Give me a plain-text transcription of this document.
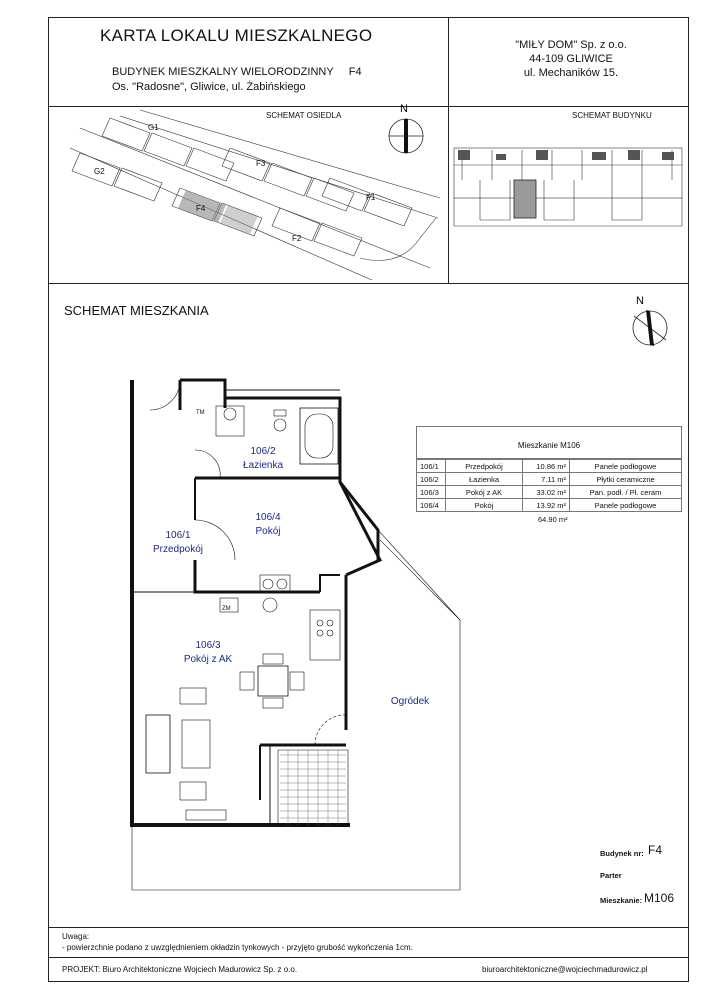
KARTA LOKALU MIESZKALNEGO
BUDYNEK MIESZKALNY WIELORODZINNY F4
Os. "Radosne", Gliwice, ul. Żabińskiego
"MIŁY DOM" Sp. z o.o.
44-109 GLIWICE
ul. Mechaników 15.
SCHEMAT OSIEDLA	SCHEMAT BUDYNKU
G1
G2
F3
F1
F4
F2
N
SCHEMAT MIESZKANIA
N
106/2
Łazienka
106/4
Pokój
106/1
Przedpokój
106/3
Pokój z AK
Ogródek
TM
ZM
Mieszkanie M106
106/1	Przedpokój	10.86 m²	Panele podłogowe
106/2	Łazienka	7.11 m²	Płytki ceramiczne
106/3	Pokój z AK	33.02 m²	Pan. podł. / Pł. ceram
106/4	Pokój	13.92 m²	Panele podłogowe
64.90 m²
Budynek nr: F4
Parter
Mieszkanie: M106
Uwaga:
- powierzchnie podano z uwzględnieniem okładzin tynkowych - przyjęto grubość wykończenia 1cm.
PROJEKT: Biuro Architektoniczne Wojciech Madurowicz Sp. z o.o.	biuroarchitektoniczne@wojciechmadurowicz.pl
